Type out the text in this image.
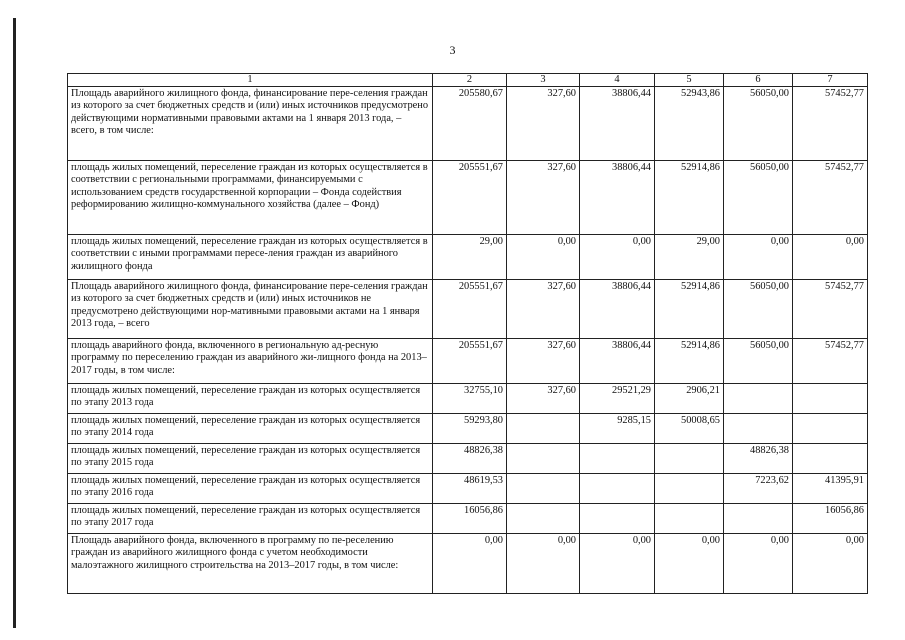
3
1	2	3	4	5	6	7
Площадь аварийного жилищного фонда, финансирование пере-селения граждан из которого за счет бюджетных средств и (или) иных источников предусмотрено действующими нормативными правовыми актами на 1 января 2013 года, – всего, в том числе:	205580,67	327,60	38806,44	52943,86	56050,00	57452,77
площадь жилых помещений, переселение граждан из которых осуществляется в соответствии с региональными программами, финансируемыми с использованием средств государственной корпорации – Фонда содействия реформированию жилищно-коммунального хозяйства (далее – Фонд)	205551,67	327,60	38806,44	52914,86	56050,00	57452,77
площадь жилых помещений, переселение граждан из которых осуществляется в соответствии с иными программами пересе-ления граждан из аварийного жилищного фонда	29,00	0,00	0,00	29,00	0,00	0,00
Площадь аварийного жилищного фонда, финансирование пере-селения граждан из которого за счет бюджетных средств и (или) иных источников не предусмотрено действующими нор-мативными правовыми актами на 1 января 2013 года, – всего	205551,67	327,60	38806,44	52914,86	56050,00	57452,77
площадь аварийного фонда, включенного в региональную ад-ресную программу по переселению граждан из аварийного жи-лищного фонда на 2013–2017 годы, в том числе:	205551,67	327,60	38806,44	52914,86	56050,00	57452,77
площадь жилых помещений, переселение граждан из которых осуществляется по этапу 2013 года	32755,10	327,60	29521,29	2906,21		
площадь жилых помещений, переселение граждан из которых осуществляется по этапу 2014 года	59293,80		9285,15	50008,65		
площадь жилых помещений, переселение граждан из которых осуществляется по этапу 2015 года	48826,38				48826,38	
площадь жилых помещений, переселение граждан из которых осуществляется по этапу 2016 года	48619,53				7223,62	41395,91
площадь жилых помещений, переселение граждан из которых осуществляется по этапу 2017 года	16056,86					16056,86
Площадь аварийного фонда, включенного в программу по пе-реселению граждан из аварийного жилищного фонда с учетом необходимости малоэтажного жилищного строительства на 2013–2017 годы, в том числе:	0,00	0,00	0,00	0,00	0,00	0,00
